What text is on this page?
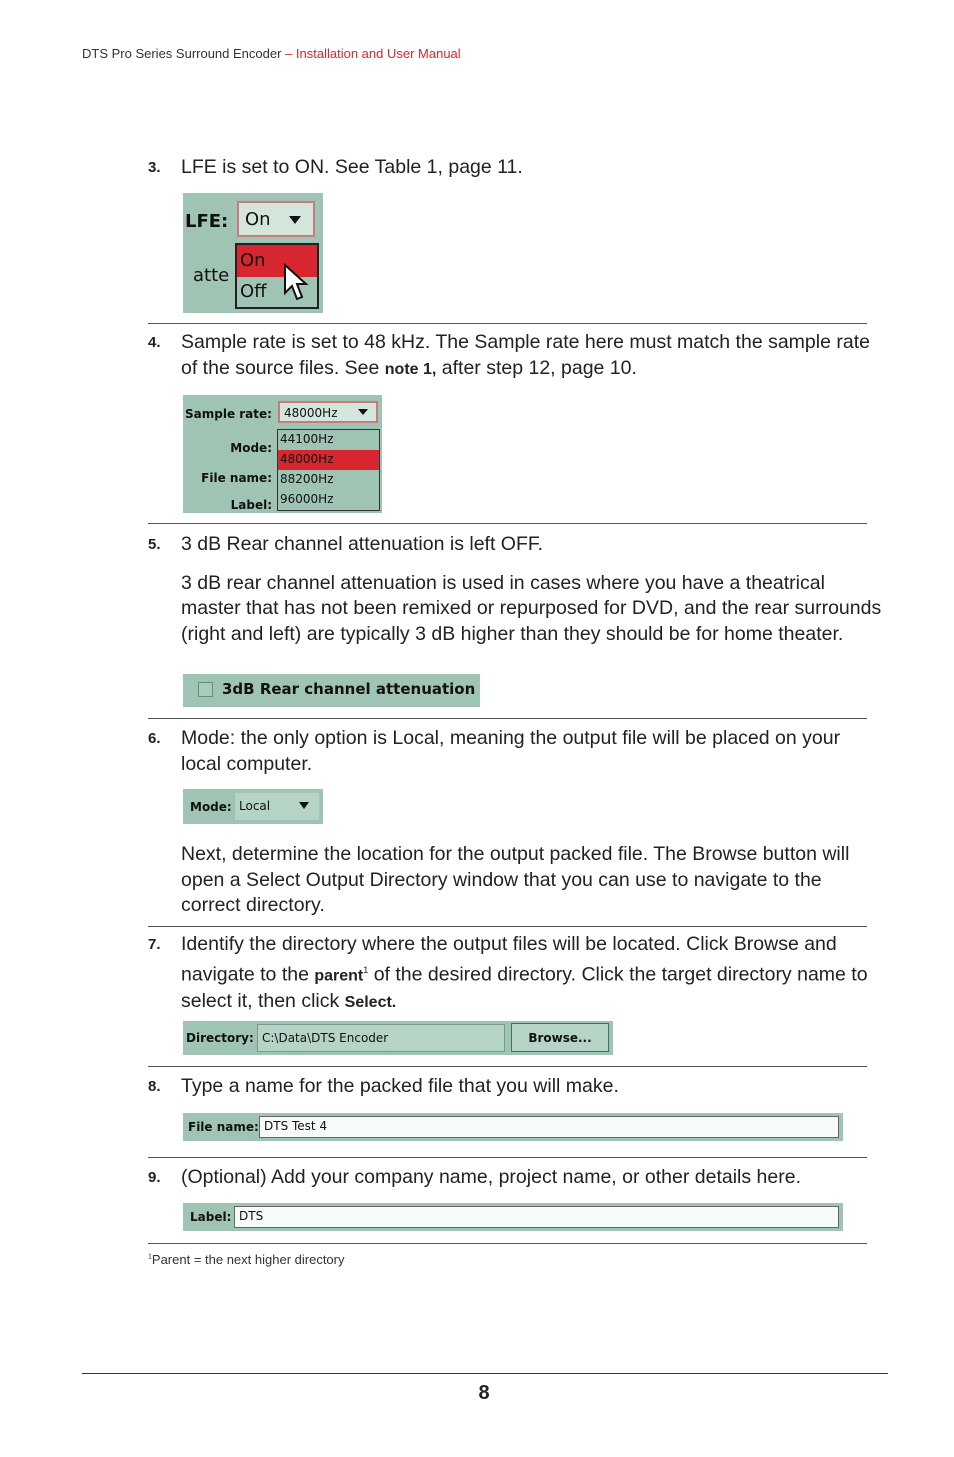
DTS Pro Series Surround Encoder – Installation and User Manual
3. LFE is set to ON. See Table 1, page 11.
LFE: On
atte
On
Off
4. Sample rate is set to 48 kHz. The Sample rate here must match the sample rate of the source files. See note 1, after step 12, page 10.
Sample rate: 48000Hz
Mode:
File name:
Label:
44100Hz
48000Hz
88200Hz
96000Hz
5. 3 dB Rear channel attenuation is left OFF.
3 dB rear channel attenuation is used in cases where you have a theatrical master that has not been remixed or repurposed for DVD, and the rear surrounds (right and left) are typically 3 dB higher than they should be for home theater.
3dB Rear channel attenuation
6. Mode: the only option is Local, meaning the output file will be placed on your local computer.
Mode: Local
Next, determine the location for the output packed file. The Browse button will open a Select Output Directory window that you can use to navigate to the correct directory.
7. Identify the directory where the output files will be located. Click Browse and navigate to the parent$^1$ of the desired directory. Click the target directory name to select it, then click Select.
Directory: C:\Data\DTS Encoder	Browse...
8. Type a name for the packed file that you will make.
File name: DTS Test 4
9. (Optional) Add your company name, project name, or other details here.
Label: DTS
$^1$Parent = the next higher directory
8
